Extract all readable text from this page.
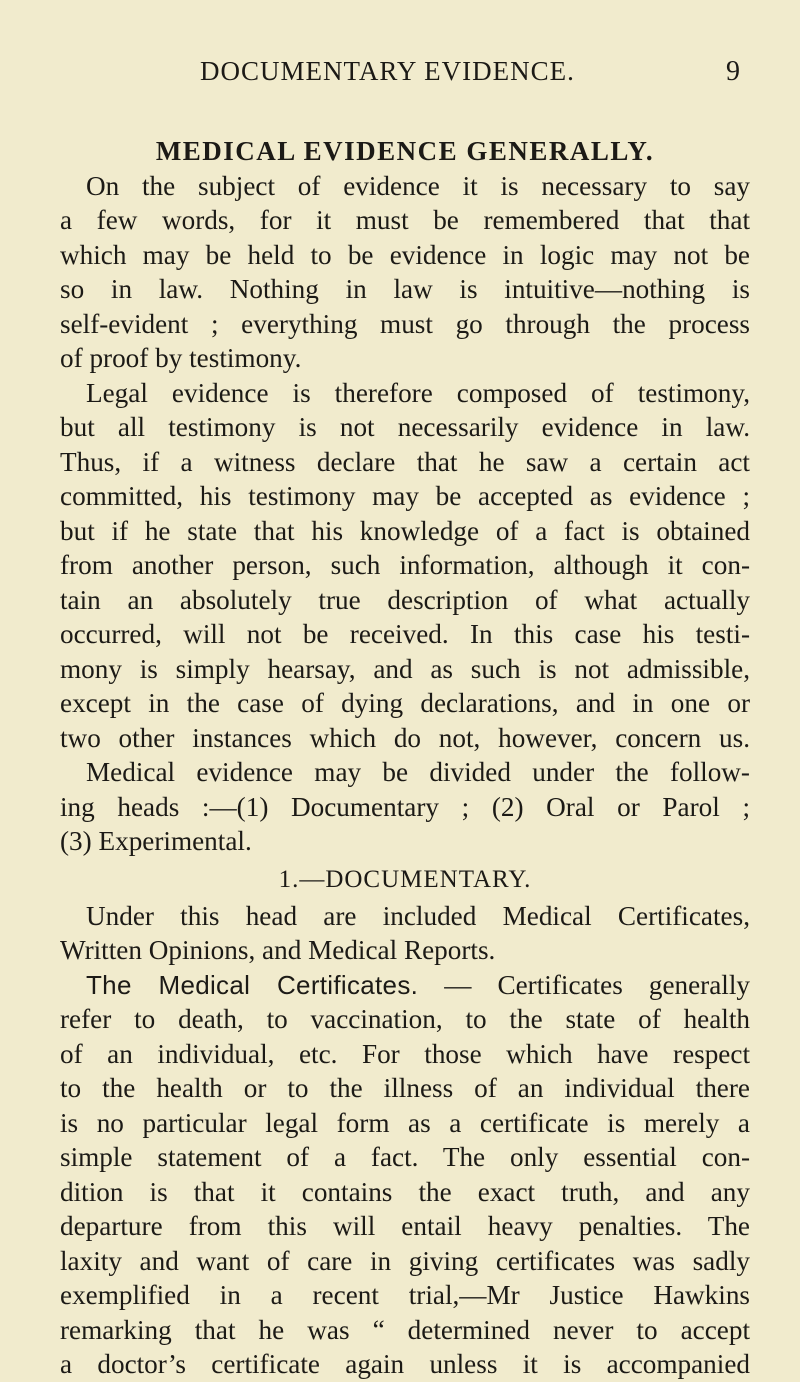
DOCUMENTARY EVIDENCE.	9
MEDICAL EVIDENCE GENERALLY.
On the subject of evidence it is necessary to say
a few words, for it must be remembered that that
which may be held to be evidence in logic may not be
so in law. Nothing in law is intuitive—nothing is
self-evident ; everything must go through the process
of proof by testimony.
Legal evidence is therefore composed of testimony,
but all testimony is not necessarily evidence in law.
Thus, if a witness declare that he saw a certain act
committed, his testimony may be accepted as evidence ;
but if he state that his knowledge of a fact is obtained
from another person, such information, although it con-
tain an absolutely true description of what actually
occurred, will not be received. In this case his testi-
mony is simply hearsay, and as such is not admissible,
except in the case of dying declarations, and in one or
two other instances which do not, however, concern us.
Medical evidence may be divided under the follow-
ing heads :—(1) Documentary ; (2) Oral or Parol ;
(3) Experimental.
1.—DOCUMENTARY.
Under this head are included Medical Certificates,
Written Opinions, and Medical Reports.
The Medical Certificates. — Certificates generally
refer to death, to vaccination, to the state of health
of an individual, etc. For those which have respect
to the health or to the illness of an individual there
is no particular legal form as a certificate is merely a
simple statement of a fact. The only essential con-
dition is that it contains the exact truth, and any
departure from this will entail heavy penalties. The
laxity and want of care in giving certificates was sadly
exemplified in a recent trial,—Mr Justice Hawkins
remarking that he was “ determined never to accept
a doctor’s certificate again unless it is accompanied
